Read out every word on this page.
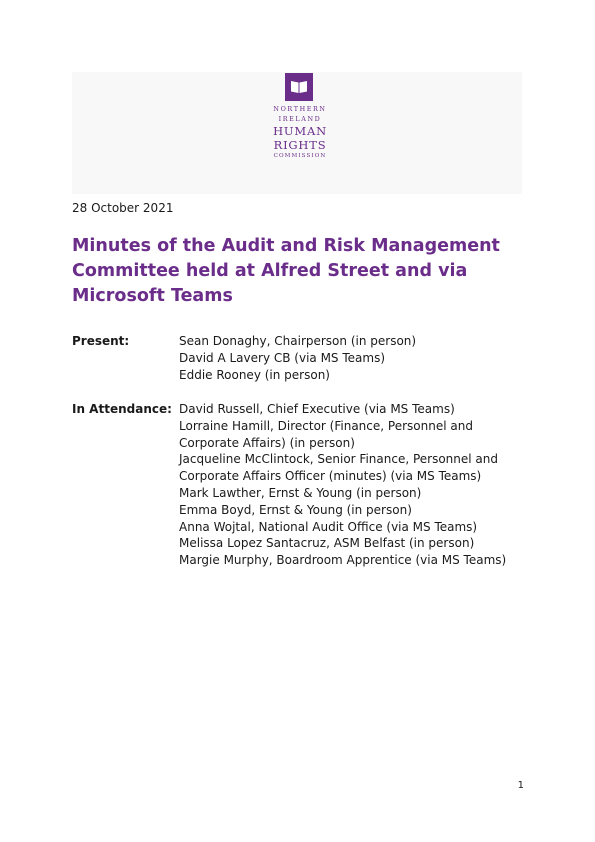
NORTHERN
IRELAND
HUMAN
RIGHTS
COMMISSION
28 October 2021
Minutes of the Audit and Risk Management Committee held at Alfred Street and via Microsoft Teams
Present:	Sean Donaghy, Chairperson (in person)
David A Lavery CB (via MS Teams)
Eddie Rooney (in person)
In Attendance: David Russell, Chief Executive (via MS Teams)
Lorraine Hamill, Director (Finance, Personnel and
Corporate Affairs) (in person)
Jacqueline McClintock, Senior Finance, Personnel and
Corporate Affairs Officer (minutes) (via MS Teams)
Mark Lawther, Ernst & Young (in person)
Emma Boyd, Ernst & Young (in person)
Anna Wojtal, National Audit Office (via MS Teams)
Melissa Lopez Santacruz, ASM Belfast (in person)
Margie Murphy, Boardroom Apprentice (via MS Teams)
1
